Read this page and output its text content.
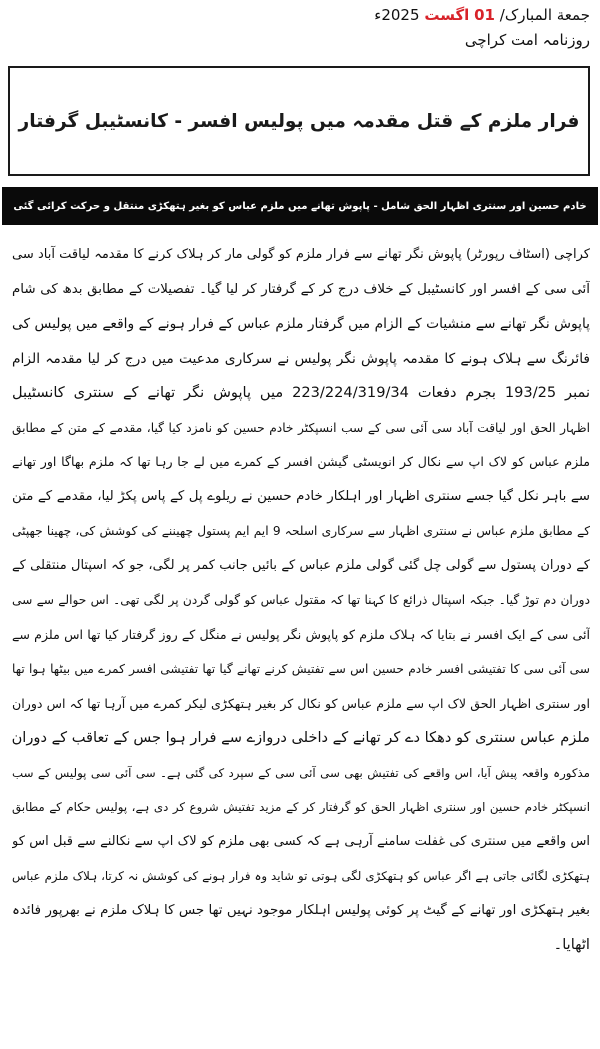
جمعة المبارک/ 01 اگست 2025ء
روزنامہ امت کراچی
فرار ملزم کے قتل مقدمہ میں پولیس افسر - کانسٹیبل گرفتار
خادم حسین اور سنتری اظہار الحق شامل - پاپوش تھانے میں ملزم عباس کو بغیر ہتھکڑی منتقل و حرکت کرائی گئی
کراچی (اسٹاف رپورٹر) پاپوش نگر تھانے سے فرار ملزم کو گولی مار کر ہلاک کرنے کا مقدمہ لیاقت آباد سی
آئی سی کے افسر اور کانسٹیبل کے خلاف درج کر کے گرفتار کر لیا گیا۔ تفصیلات کے مطابق بدھ کی شام
پاپوش نگر تھانے سے منشیات کے الزام میں گرفتار ملزم عباس کے فرار ہونے کے واقعے میں پولیس کی
فائرنگ سے ہلاک ہونے کا مقدمہ پاپوش نگر پولیس نے سرکاری مدعیت میں درج کر لیا مقدمہ الزام
نمبر 193/25 بجرم دفعات 223/224/319/34 میں پاپوش نگر تھانے کے سنتری کانسٹیبل
اظہار الحق اور لیاقت آباد سی آئی سی کے سب انسپکٹر خادم حسین کو نامزد کیا گیا، مقدمے کے متن کے مطابق
ملزم عباس کو لاک اپ سے نکال کر انویسٹی گیشن افسر کے کمرے میں لے جا رہا تھا کہ ملزم بھاگا اور تھانے
سے باہر نکل گیا جسے سنتری اظہار اور اہلکار خادم حسین نے ریلوے پل کے پاس پکڑ لیا، مقدمے کے متن
کے مطابق ملزم عباس نے سنتری اظہار سے سرکاری اسلحہ 9 ایم ایم پستول چھیننے کی کوشش کی، چھینا جھپٹی
کے دوران پستول سے گولی چل گئی گولی ملزم عباس کے بائیں جانب کمر پر لگی، جو کہ اسپتال منتقلی کے
دوران دم توڑ گیا۔ جبکہ اسپتال ذرائع کا کہنا تھا کہ مقتول عباس کو گولی گردن پر لگی تھی۔ اس حوالے سے سی
آئی سی کے ایک افسر نے بتایا کہ ہلاک ملزم کو پاپوش نگر پولیس نے منگل کے روز گرفتار کیا تھا اس ملزم سے
سی آئی سی کا تفتیشی افسر خادم حسین اس سے تفتیش کرنے تھانے گیا تھا تفتیشی افسر کمرے میں بیٹھا ہوا تھا
اور سنتری اظہار الحق لاک اپ سے ملزم عباس کو نکال کر بغیر ہتھکڑی لیکر کمرے میں آرہا تھا کہ اس دوران
ملزم عباس سنتری کو دھکا دے کر تھانے کے داخلی دروازے سے فرار ہوا جس کے تعاقب کے دوران
مذکورہ واقعہ پیش آیا، اس واقعے کی تفتیش بھی سی آئی سی کے سپرد کی گئی ہے۔ سی آئی سی پولیس کے سب
انسپکٹر خادم حسین اور سنتری اظہار الحق کو گرفتار کر کے مزید تفتیش شروع کر دی ہے، پولیس حکام کے مطابق
اس واقعے میں سنتری کی غفلت سامنے آرہی ہے کہ کسی بھی ملزم کو لاک اپ سے نکالنے سے قبل اس کو
ہتھکڑی لگائی جاتی ہے اگر عباس کو ہتھکڑی لگی ہوتی تو شاید وہ فرار ہونے کی کوشش نہ کرتا، ہلاک ملزم عباس
بغیر ہتھکڑی اور تھانے کے گیٹ پر کوئی پولیس اہلکار موجود نہیں تھا جس کا ہلاک ملزم نے بھرپور فائدہ
اٹھایا۔
